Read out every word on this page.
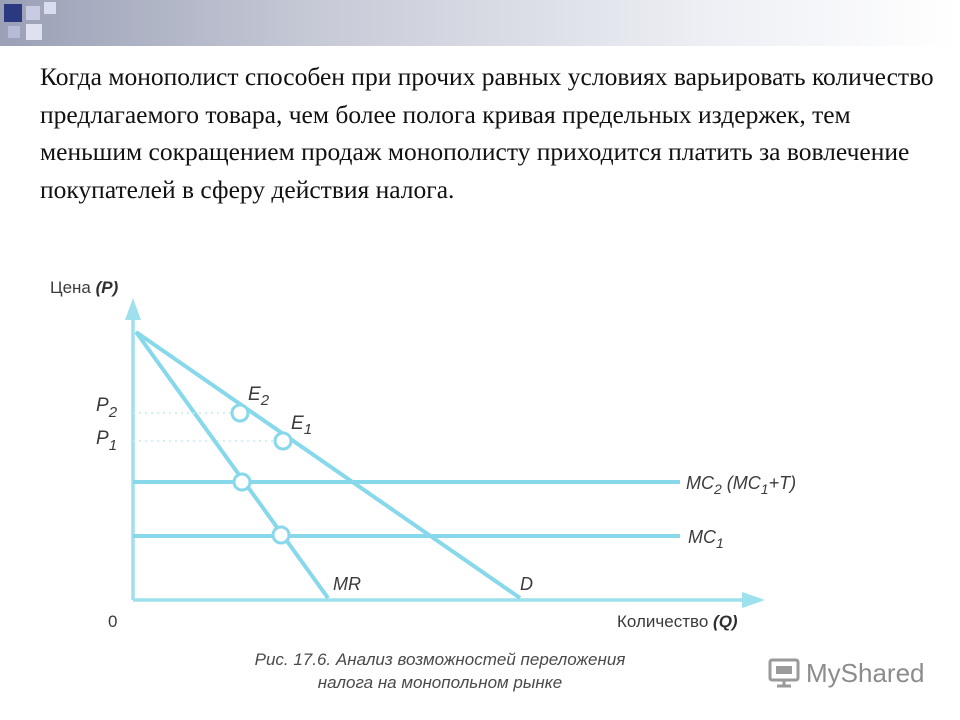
Когда монополист способен при прочих равных условиях варьировать количество предлагаемого товара, чем более полога кривая предельных издержек, тем меньшим сокращением продаж монополисту приходится платить за вовлечение покупателей в сферу действия налога.
Цена (P)
Количество (Q)
0
$P_2$
$P_1$
$E_2$
$E_1$
$MC_2$ $(MC_1+T)$
$MC_1$
MR	D
Рис. 17.6. Анализ возможностей переложения
налога на монопольном рынке	MyShared
